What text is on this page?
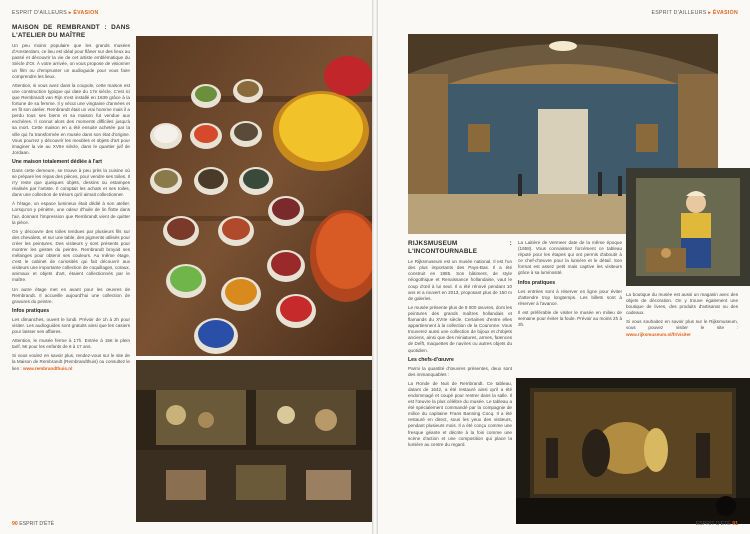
ESPRIT D'AILLEURS ▸ ÉVASION
MAISON DE REMBRANDT : DANS L'ATELIER DU MAÎTRE

Un peu moins populaire que les grands musées d'Amsterdam, ce lieu est idéal pour flâner sur des lieux au passé et découvrir la vie de cet artiste emblématique du Siècle d'Or. À votre arrivée, on vous propose de visionner un film ou d'emprunter un audioguide pour vous faire comprendre les lieux.

Attention, si vous avez dans la coupole, cette maison est une construction typique qui date du 17e siècle. C'est ici que Rembrandt van Rijn s'est installé en 1639 grâce à la fortune de sa femme. Il y vécut une vingtaine d'années et en fit son atelier. Rembrandt était un vrai homme mais il a perdu tous ses biens et sa maison fut vendue aux enchères. Il connut alors des moments difficiles jusqu'à sa mort. Cette maison en a été ensuite achetée par la ville qui l'a transformée en musée dans son état d'origine. Vous pourrez y découvrir les meubles et objets d'art pour imaginer la vie au XVIIe siècle, dans le quartier juif de Jordaan.

Une maison totalement dédiée à l'art

Dans cette demeure, se trouve à peu près la cuisine où se prépare les repas des pièces, pour vendre ses toiles. Il n'y reste que quelques objets, dessins ou estampes réalisés par l'artiste. Il comptait les achats et ses toiles, dans une collection de trésors qu'il aimait collectionner.

À l'étage, un espace lumineux était dédié à son atelier. Lorsqu'on y pénètre, une odeur d'huile de lin flotte dans l'air, donnant l'impression que Rembrandt vient de quitter la pièce.

On y découvre des toiles tendues par plusieurs fils sur des chevalets, et sur une table, des pigments utilisés pour créer les peintures. Des visiteurs y sont présents pour montrer les gestes du peintre. Rembrandt broyait ses mélanges pour obtenir ses couleurs. Au même étage, c'est le cabinet de curiosités qui fait découvrir aux visiteurs une importante collection de coquillages, coraux, animaux et objets d'art, étaient collectionnés par le maître.

Un autre étage met en avant pour les œuvres de Rembrandt. Il accueille aujourd'hui une collection de gravures du peintre.

Infos pratiques

Les dimanches, ouvert le lundi. Prévoir de 1h à 2h pour visiter. Les audioguides sont gratuits ainsi que les casiers pour laisser ses affaires.

Attention, le musée ferme à 17h. Entrée à 15€ le plein tarif, 5€ pour les enfants de 6 à 17 ans.

Si vous voulez en savoir plus, rendez-vous sur le site de la Maison de Rembrandt (Rembrandthuis) ou consultez le lien : www.rembrandthuis.nl

90 ESPRIT D'ÉTÉ
ESPRIT D'AILLEURS ▸ ÉVASION
RIJKSMUSEUM : L'INCONTOURNABLE

Le Rijksmuseum est un musée national. Il est l'un des plus importants des Pays-Bas. Il a été construit en 1885. Son bâtiment, de style néogothique et Renaissance hollandaise, vaut le coup d'œil à lui seul. Il a été rénové pendant 10 ans et a rouvert en 2013, proposant plus de 150 m de galeries.

Le musée présente plus de 8 000 œuvres, dont les peintures des grands maîtres hollandais et flamands du XVIIe siècle. Certaines d'entre elles appartiennent à la collection de la Couronne. Vous trouverez aussi une collection de bijoux et d'objets anciens, ainsi que des miniatures, armes, faïences de Delft, maquettes de navires ou autres objets du quotidien.

Les chefs-d'œuvre

Parmi la quantité d'œuvres présentes, deux sont des immanquables :

La Ronde de Nuit de Rembrandt. Ce tableau, datant de 1642, a été restauré ainsi qu'il a été endommagé et coupé pour rentrer dans la salle. Il est l'œuvre la plus célèbre du musée. Le tableau a été spécialement commandé par la compagnie de milice du capitaine Frans Banning Cocq. Il a été restauré en direct, sous les yeux des visiteurs, pendant plusieurs mois. Il a été conçu comme une fresque géante et décrite à la fois comme une scène d'action et une composition qui place la lumière au centre du regard.

La Laitière de Vermeer date de la même époque (1658). Vous connaissez forcément ce tableau réputé pour les étapes qui ont permis d'aboutir à ce chef-d'œuvre pour la lumière et le détail. Son format est assez petit mais captive les visiteurs grâce à sa luminosité.

Infos pratiques

Les entrées sont à réserver en ligne pour éviter d'attendre trop longtemps. Les billets sont à réserver à l'avance.

Il est préférable de visiter le musée en milieu de semaine pour éviter la foule. Prévoir au moins 2h à 3h.

La boutique du musée est aussi un magasin avec des objets de décoration. On y trouve également une boutique de livres, des produits d'artisanat ou des cadeaux.

Si vous souhaitez en savoir plus sur le Rijksmuseum, vous pouvez visiter le site : www.rijksmuseum.nl/fr/visiter

ESPRIT D'ÉTÉ 91
